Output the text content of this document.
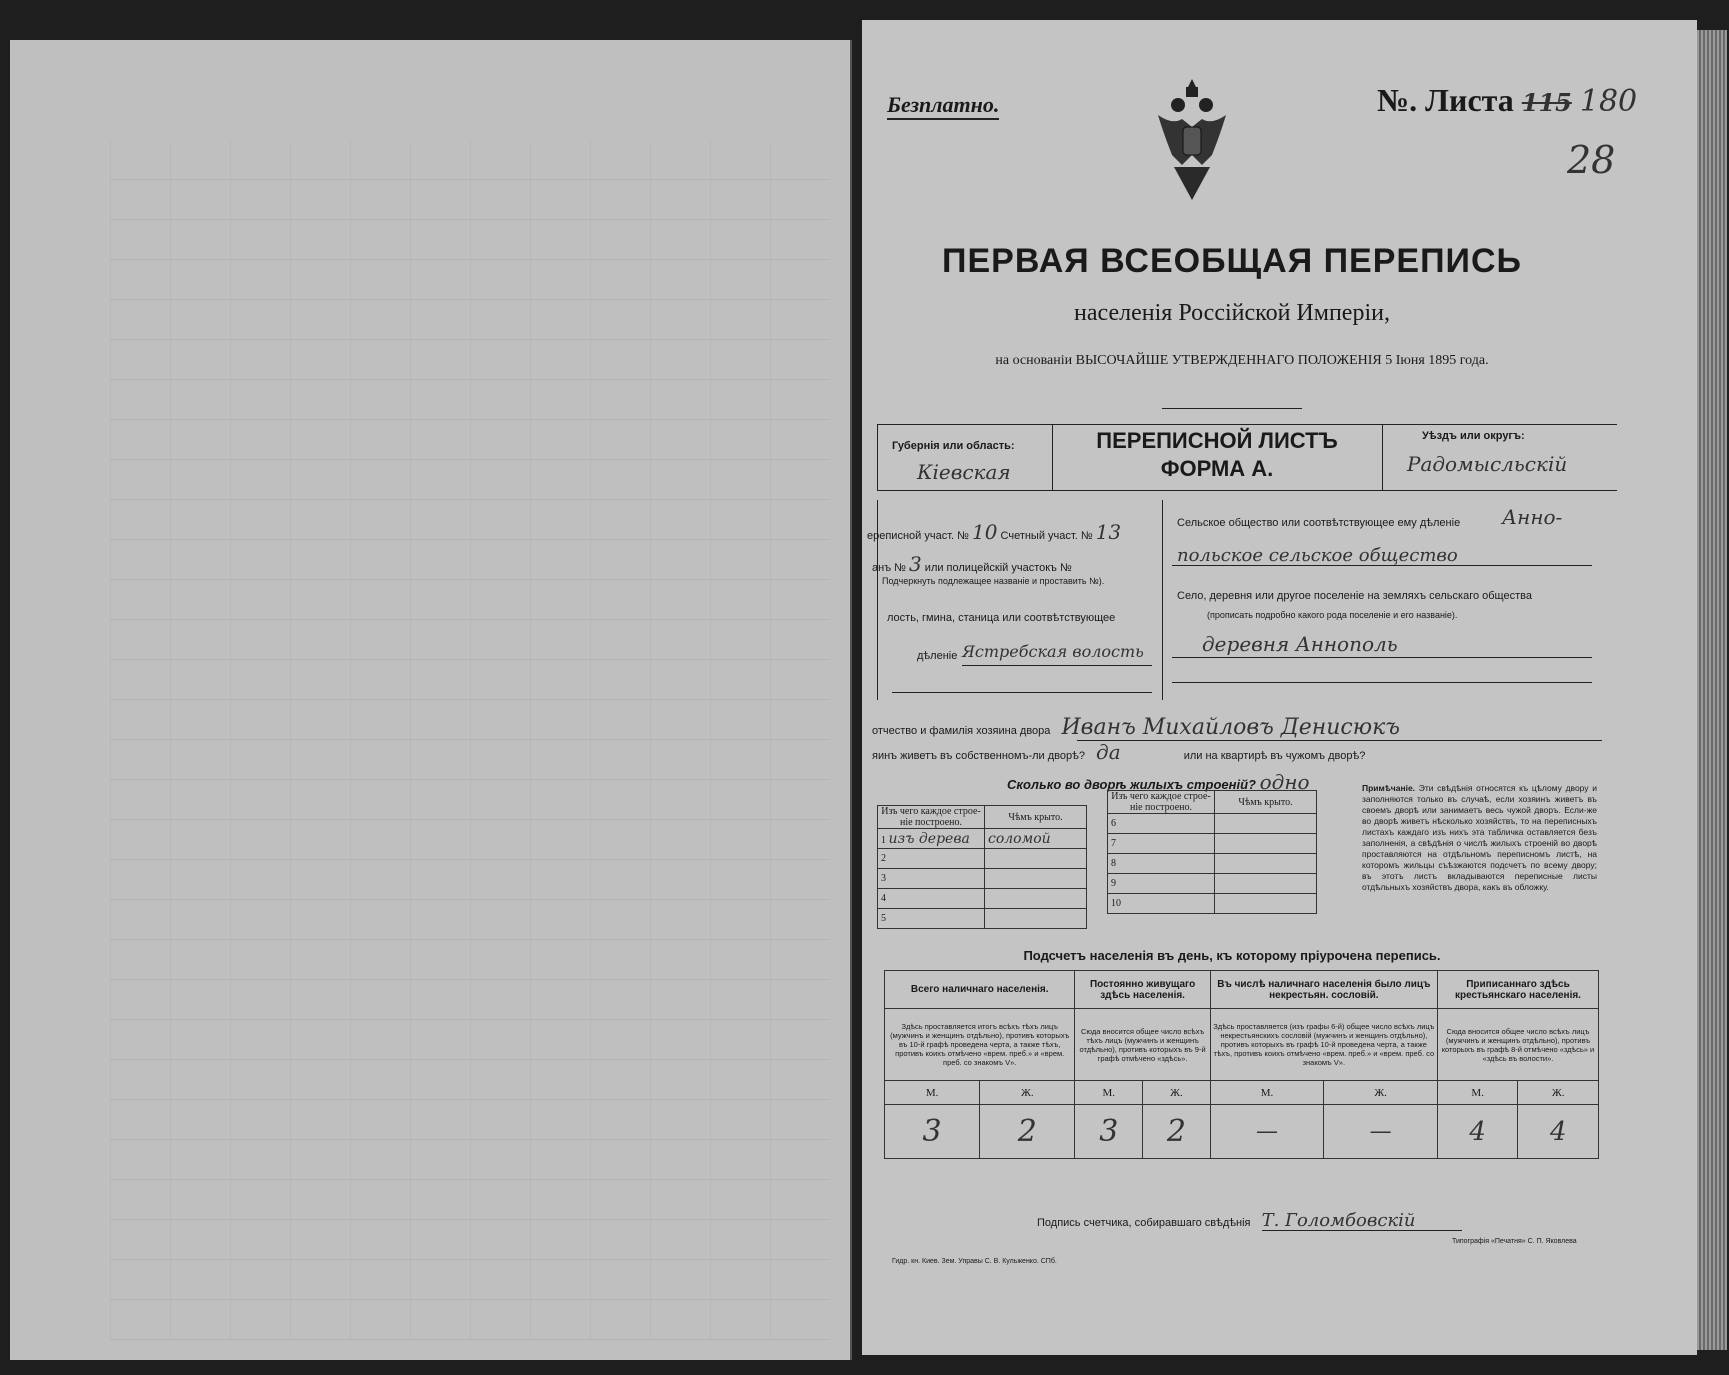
Безплатно.	№. Листа 115 180
28
ПЕРВАЯ ВСЕОБЩАЯ ПЕРЕПИСЬ
населенія Россійской Имперіи,
на основаніи ВЫСОЧАЙШЕ УТВЕРЖДЕННАГО ПОЛОЖЕНІЯ 5 Іюня 1895 года.
Губернія или область:
Кіевская
ПЕРЕПИСНОЙ ЛИСТЪ
ФОРМА А.
Уѣздъ или округъ:
Радомысльскій
ереписной участ. № 10 Счетный участ. № 13
анъ № 3 или полицейскій участокъ №
Подчеркнуть подлежащее названіе и проставить №).
лость, гмина, станица или соотвѣтствующее
дѣленіе Ястребская волость
Сельское общество или соотвѣтствующее ему дѣленіе Анно-
польское сельское общество
Село, деревня или другое поселеніе на земляхъ сельскаго общества
(прописать подробно какого рода поселеніе и его названіе).
деревня Аннополь
отчество и фамилія хозяина двора Иванъ Михайловъ Денисюкъ
яинъ живетъ въ собственномъ-ли дворѣ? да	или на квартирѣ въ чужомъ дворѣ?
Сколько во дворѣ жилыхъ строеній? одно
Изъ чего каждое строе-ніе построено.	Чѣмъ крыто.
1 изъ дерева	соломой
2	
3	
4	
5	
Изъ чего каждое строе-ніе построено.	Чѣмъ крыто.
6	
7	
8	
9	
10	
Примѣчаніе. Эти свѣдѣнія относятся къ цѣлому двору и заполняются только въ случаѣ, если хозяинъ живетъ въ своемъ дворѣ или занимаетъ весь чужой дворъ. Если-же во дворѣ живетъ нѣсколько хозяйствъ, то на переписныхъ листахъ каждаго изъ нихъ эта табличка оставляется безъ заполненія, а свѣдѣнія о числѣ жилыхъ строеній во дворѣ проставляются на отдѣльномъ переписномъ листѣ, на которомъ жильцы съѣзжаются подсчетъ по всему двору; въ этотъ листъ вкладываются переписные листы отдѣльныхъ хозяйствъ двора, какъ въ обложку.
Подсчетъ населенія въ день, къ которому пріурочена перепись.
Всего наличнаго населенія.		Постоянно живущаго здѣсь населенія.		Въ числѣ наличнаго населенія было лицъ некрестьян. сословій.		Приписаннаго здѣсь крестьянскаго населенія.	
Здѣсь проставляется итогъ всѣхъ тѣхъ лицъ (мужчинъ и женщинъ отдѣльно), противъ которыхъ въ 10-й графѣ проведена черта, а также тѣхъ, противъ коихъ отмѣчено «врем. преб.» и «врем. преб. со знакомъ V».		Сюда вносится общее число всѣхъ тѣхъ лицъ (мужчинъ и женщинъ отдѣльно), противъ которыхъ въ 9-й графѣ отмѣчено «здѣсь».		Здѣсь проставляется (изъ графы 6-й) общее число всѣхъ лицъ некрестьянскихъ сословій (мужчинъ и женщинъ отдѣльно), противъ которыхъ въ графѣ 10-й проведена черта, а также тѣхъ, противъ коихъ отмѣчено «врем. преб.» и «врем. преб. со знакомъ V».		Сюда вносится общее число всѣхъ лицъ (мужчинъ и женщинъ отдѣльно), противъ которыхъ въ графѣ 8-й отмѣчено «здѣсь» и «здѣсь въ волости».	
М.	Ж.	М.	Ж.	М.	Ж.	М.	Ж.
3	2	3	2	—	—	4	4
Подпись счетчика, собиравшаго свѣдѣнія Т. Голомбовскій
Гидр. кн. Киев. Зем. Управы С. В. Кульженко. СПб.
Типографія «Печатня» С. П. Яковлева
